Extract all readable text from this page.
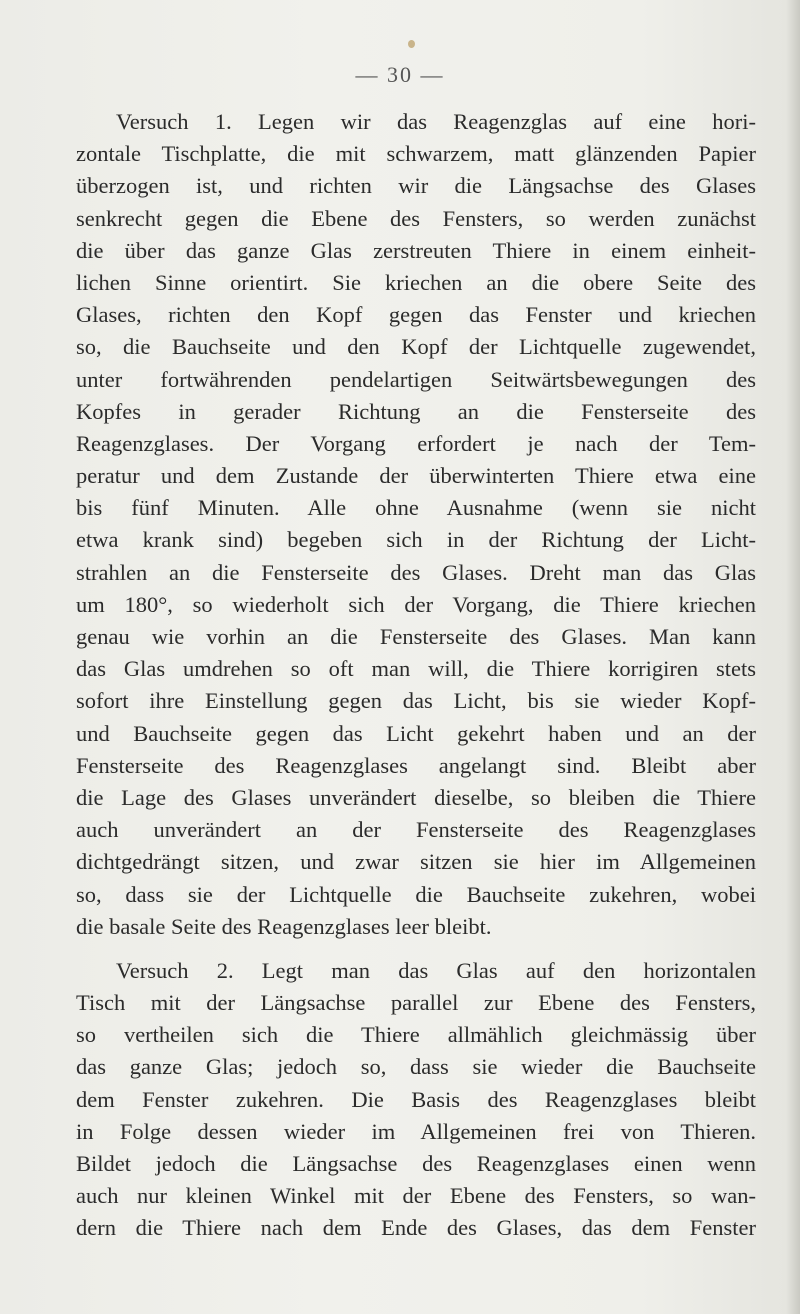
— 30 —
Versuch 1. Legen wir das Reagenzglas auf eine hori-
zontale Tischplatte, die mit schwarzem, matt glänzenden Papier
überzogen ist, und richten wir die Längsachse des Glases
senkrecht gegen die Ebene des Fensters, so werden zunächst
die über das ganze Glas zerstreuten Thiere in einem einheit-
lichen Sinne orientirt. Sie kriechen an die obere Seite des
Glases, richten den Kopf gegen das Fenster und kriechen
so, die Bauchseite und den Kopf der Lichtquelle zugewendet,
unter fortwährenden pendelartigen Seitwärtsbewegungen des
Kopfes in gerader Richtung an die Fensterseite des
Reagenzglases. Der Vorgang erfordert je nach der Tem-
peratur und dem Zustande der überwinterten Thiere etwa eine
bis fünf Minuten. Alle ohne Ausnahme (wenn sie nicht
etwa krank sind) begeben sich in der Richtung der Licht-
strahlen an die Fensterseite des Glases. Dreht man das Glas
um 180°, so wiederholt sich der Vorgang, die Thiere kriechen
genau wie vorhin an die Fensterseite des Glases. Man kann
das Glas umdrehen so oft man will, die Thiere korrigiren stets
sofort ihre Einstellung gegen das Licht, bis sie wieder Kopf-
und Bauchseite gegen das Licht gekehrt haben und an der
Fensterseite des Reagenzglases angelangt sind. Bleibt aber
die Lage des Glases unverändert dieselbe, so bleiben die Thiere
auch unverändert an der Fensterseite des Reagenzglases
dichtgedrängt sitzen, und zwar sitzen sie hier im Allgemeinen
so, dass sie der Lichtquelle die Bauchseite zukehren, wobei
die basale Seite des Reagenzglases leer bleibt.
Versuch 2. Legt man das Glas auf den horizontalen
Tisch mit der Längsachse parallel zur Ebene des Fensters,
so vertheilen sich die Thiere allmählich gleichmässig über
das ganze Glas; jedoch so, dass sie wieder die Bauchseite
dem Fenster zukehren. Die Basis des Reagenzglases bleibt
in Folge dessen wieder im Allgemeinen frei von Thieren.
Bildet jedoch die Längsachse des Reagenzglases einen wenn
auch nur kleinen Winkel mit der Ebene des Fensters, so wan-
dern die Thiere nach dem Ende des Glases, das dem Fenster
